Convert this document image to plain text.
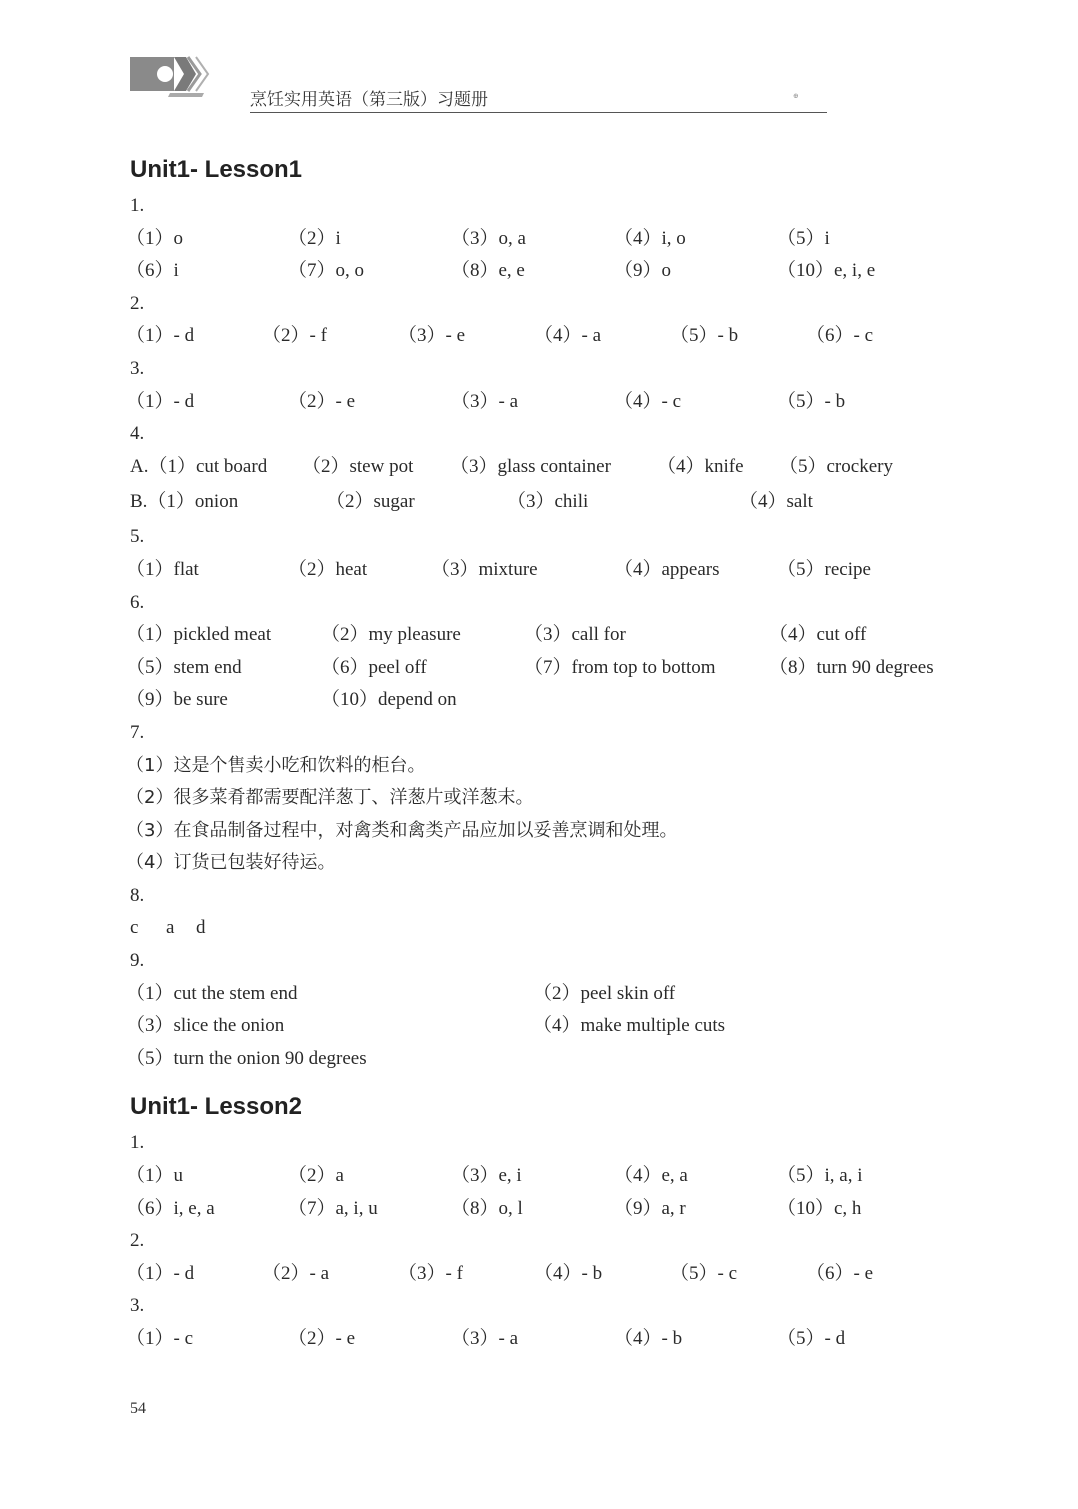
烹饪实用英语（第三版）习题册	⊕
Unit1- Lesson1
1.
（1）o	（2）i	（3）o, a	（4）i, o	（5）i
（6）i	（7）o, o	（8）e, e	（9）o	（10）e, i, e
2.
（1）- d	（2）- f	（3）- e	（4）- a	（5）- b	（6）- c
3.
（1）- d	（2）- e	（3）- a	（4）- c	（5）- b
4.
A.（1）cut board （2）stew pot （3）glass container （4）knife （5）crockery
B.（1）onion	（2）sugar	（3）chili	（4）salt
5.
（1）flat	（2）heat	（3）mixture	（4）appears	（5）recipe
6.
（1）pickled meat	（2）my pleasure	（3）call for	（4）cut off
（5）stem end	（6）peel off	（7）from top to bottom	（8）turn 90 degrees
（9）be sure	（10）depend on
7.
（1）这是个售卖小吃和饮料的柜台。
（2）很多菜肴都需要配洋葱丁、洋葱片或洋葱末。
（3）在食品制备过程中，对禽类和禽类产品应加以妥善烹调和处理。
（4）订货已包装好待运。
8.
c a d
9.
（1）cut the stem end	（2）peel skin off
（3）slice the onion	（4）make multiple cuts
（5）turn the onion 90 degrees
Unit1- Lesson2
1.
（1）u	（2）a	（3）e, i	（4）e, a	（5）i, a, i
（6）i, e, a	（7）a, i, u	（8）o, l	（9）a, r	（10）c, h
2.
（1）- d	（2）- a	（3）- f	（4）- b	（5）- c	（6）- e
3.
（1）- c	（2）- e	（3）- a	（4）- b	（5）- d
54
